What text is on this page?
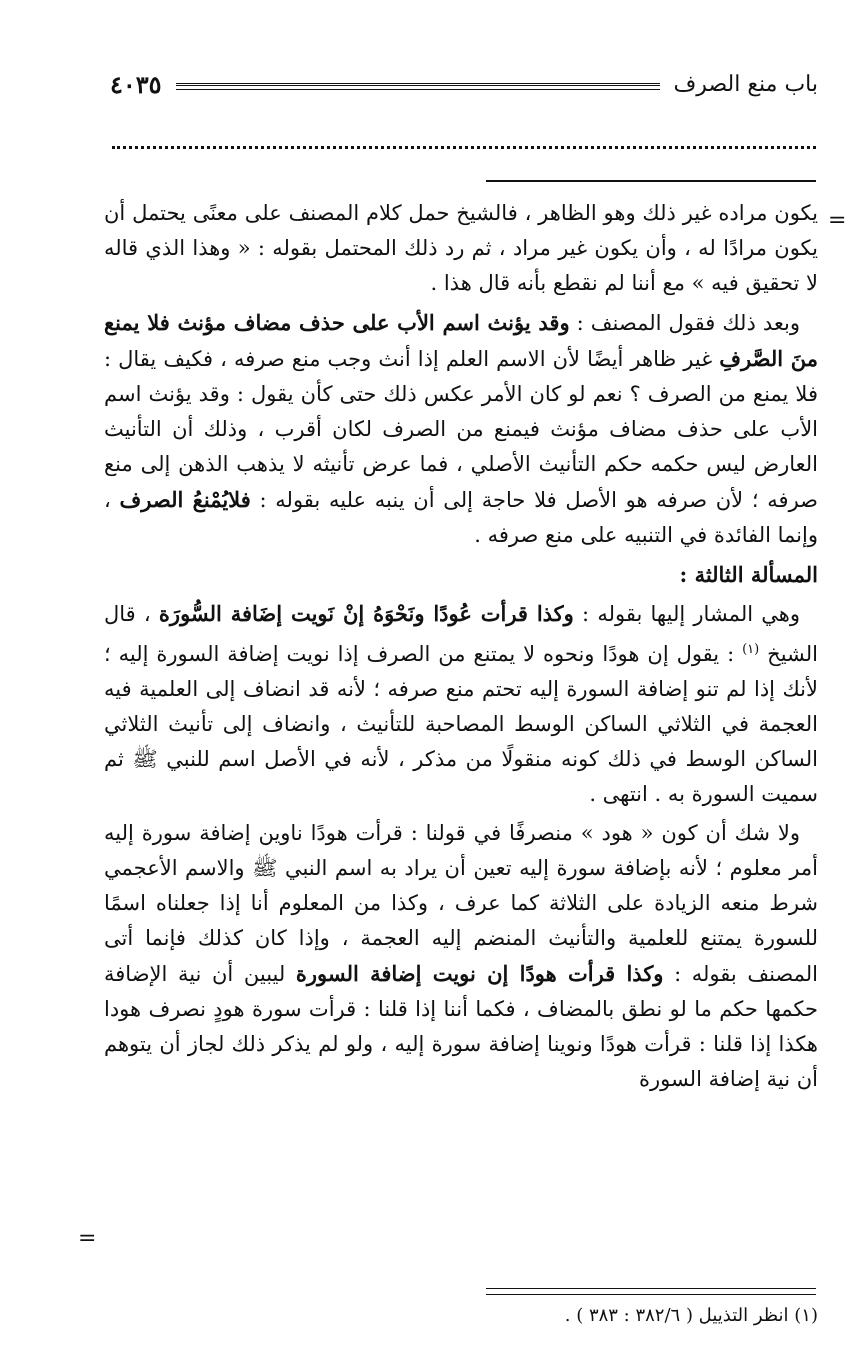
باب منع الصرف
٤٠٣٥
=

يكون مراده غير ذلك وهو الظاهر ، فالشيخ حمل كلام المصنف على معنًى يحتمل أن يكون مرادًا له ، وأن يكون غير مراد ، ثم رد ذلك المحتمل بقوله : « وهذا الذي قاله لا تحقيق فيه » مع أننا لم نقطع بأنه قال هذا .

وبعد ذلك فقول المصنف : وقد يؤنث اسم الأب على حذف مضاف مؤنث فلا يمنع منَ الصَّرفِ غير ظاهر أيضًا لأن الاسم العلم إذا أنث وجب منع صرفه ، فكيف يقال : فلا يمنع من الصرف ؟ نعم لو كان الأمر عكس ذلك حتى كأن يقول : وقد يؤنث اسم الأب على حذف مضاف مؤنث فيمنع من الصرف لكان أقرب ، وذلك أن التأنيث العارض ليس حكمه حكم التأنيث الأصلي ، فما عرض تأنيثه لا يذهب الذهن إلى منع صرفه ؛ لأن صرفه هو الأصل فلا حاجة إلى أن ينبه عليه بقوله : فلايُمْنعُ الصرف ، وإنما الفائدة في التنبيه على منع صرفه .

المسألة الثالثة :

وهي المشار إليها بقوله : وكذا قرأت عُودًا ونَحْوَهُ إنْ نَويت إضَافة السُّورَة ، قال الشيخ $^{(١)}$ : يقول إن هودًا ونحوه لا يمتنع من الصرف إذا نويت إضافة السورة إليه ؛ لأنك إذا لم تنو إضافة السورة إليه تحتم منع صرفه ؛ لأنه قد انضاف إلى العلمية فيه العجمة في الثلاثي الساكن الوسط المصاحبة للتأنيث ، وانضاف إلى تأنيث الثلاثي الساكن الوسط في ذلك كونه منقولًا من مذكر ، لأنه في الأصل اسم للنبي ﷺ ثم سميت السورة به . انتهى .

ولا شك أن كون « هود » منصرفًا في قولنا : قرأت هودًا ناوين إضافة سورة إليه أمر معلوم ؛ لأنه بإضافة سورة إليه تعين أن يراد به اسم النبي ﷺ والاسم الأعجمي شرط منعه الزيادة على الثلاثة كما عرف ، وكذا من المعلوم أنا إذا جعلناه اسمًا للسورة يمتنع للعلمية والتأنيث المنضم إليه العجمة ، وإذا كان كذلك فإنما أتى المصنف بقوله : وكذا قرأت هودًا إن نويت إضافة السورة ليبين أن نية الإضافة حكمها حكم ما لو نطق بالمضاف ، فكما أننا إذا قلنا : قرأت سورة هودٍ نصرف هودا هكذا إذا قلنا : قرأت هودًا ونوينا إضافة سورة إليه ، ولو لم يذكر ذلك لجاز أن يتوهم أن نية إضافة السورة

=
(١) انظر التذييل ( ٣٨٢/٦ : ٣٨٣ ) .
